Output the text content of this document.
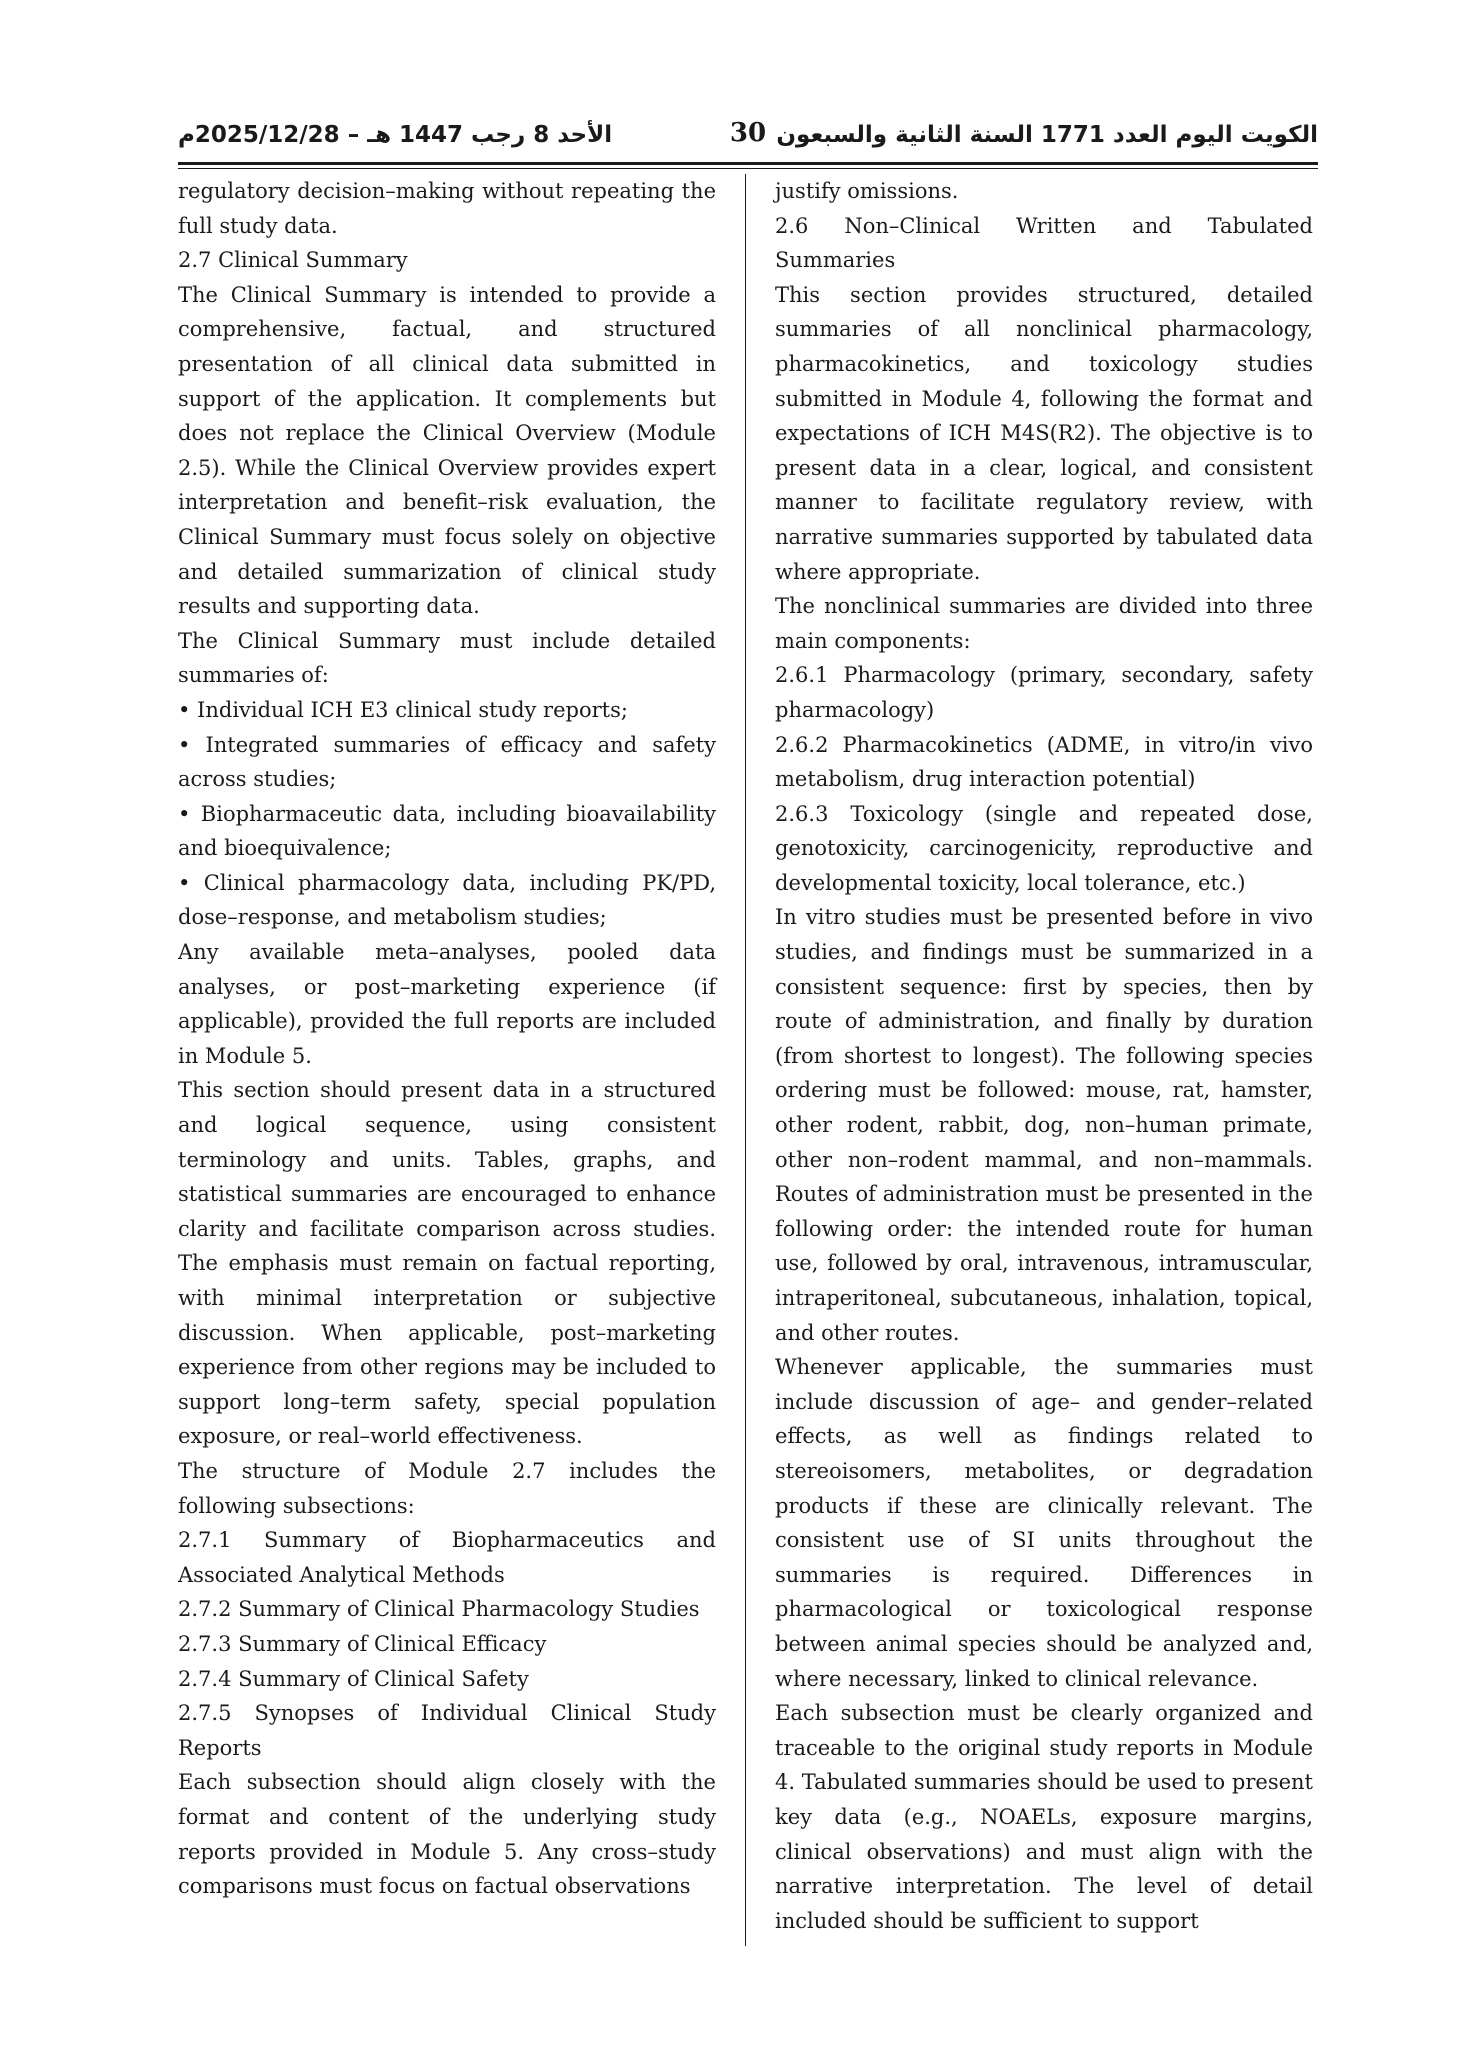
الأحد 8 رجب 1447 هـ – 2025/12/28م	30 الكويت اليوم العدد 1771 السنة الثانية والسبعون

regulatory decision–making without repeating the full study data.

2.7 Clinical Summary

The Clinical Summary is intended to provide a comprehensive, factual, and structured presentation of all clinical data submitted in support of the application. It complements but does not replace the Clinical Overview (Module 2.5). While the Clinical Overview provides expert interpretation and benefit–risk evaluation, the Clinical Summary must focus solely on objective and detailed summarization of clinical study results and supporting data.

The Clinical Summary must include detailed summaries of:

• Individual ICH E3 clinical study reports;

• Integrated summaries of efficacy and safety across studies;

• Biopharmaceutic data, including bioavailability and bioequivalence;

• Clinical pharmacology data, including PK/PD, dose–response, and metabolism studies;

Any available meta–analyses, pooled data analyses, or post–marketing experience (if applicable), provided the full reports are included in Module 5.

This section should present data in a structured and logical sequence, using consistent terminology and units. Tables, graphs, and statistical summaries are encouraged to enhance clarity and facilitate comparison across studies. The emphasis must remain on factual reporting, with minimal interpretation or subjective discussion. When applicable, post–marketing experience from other regions may be included to support long–term safety, special population exposure, or real–world effectiveness.

The structure of Module 2.7 includes the following subsections:

2.7.1 Summary of Biopharmaceutics and Associated Analytical Methods

2.7.2 Summary of Clinical Pharmacology Studies

2.7.3 Summary of Clinical Efficacy

2.7.4 Summary of Clinical Safety

2.7.5 Synopses of Individual Clinical Study Reports

Each subsection should align closely with the format and content of the underlying study reports provided in Module 5. Any cross–study comparisons must focus on factual observations

justify omissions.

2.6 Non–Clinical Written and Tabulated Summaries

This section provides structured, detailed summaries of all nonclinical pharmacology, pharmacokinetics, and toxicology studies submitted in Module 4, following the format and expectations of ICH M4S(R2). The objective is to present data in a clear, logical, and consistent manner to facilitate regulatory review, with narrative summaries supported by tabulated data where appropriate.

The nonclinical summaries are divided into three main components:

2.6.1 Pharmacology (primary, secondary, safety pharmacology)

2.6.2 Pharmacokinetics (ADME, in vitro/in vivo metabolism, drug interaction potential)

2.6.3 Toxicology (single and repeated dose, genotoxicity, carcinogenicity, reproductive and developmental toxicity, local tolerance, etc.)

In vitro studies must be presented before in vivo studies, and findings must be summarized in a consistent sequence: first by species, then by route of administration, and finally by duration (from shortest to longest). The following species ordering must be followed: mouse, rat, hamster, other rodent, rabbit, dog, non–human primate, other non–rodent mammal, and non–mammals. Routes of administration must be presented in the following order: the intended route for human use, followed by oral, intravenous, intramuscular, intraperitoneal, subcutaneous, inhalation, topical, and other routes.

Whenever applicable, the summaries must include discussion of age– and gender–related effects, as well as findings related to stereoisomers, metabolites, or degradation products if these are clinically relevant. The consistent use of SI units throughout the summaries is required. Differences in pharmacological or toxicological response between animal species should be analyzed and, where necessary, linked to clinical relevance.

Each subsection must be clearly organized and traceable to the original study reports in Module 4. Tabulated summaries should be used to present key data (e.g., NOAELs, exposure margins, clinical observations) and must align with the narrative interpretation. The level of detail included should be sufficient to support
